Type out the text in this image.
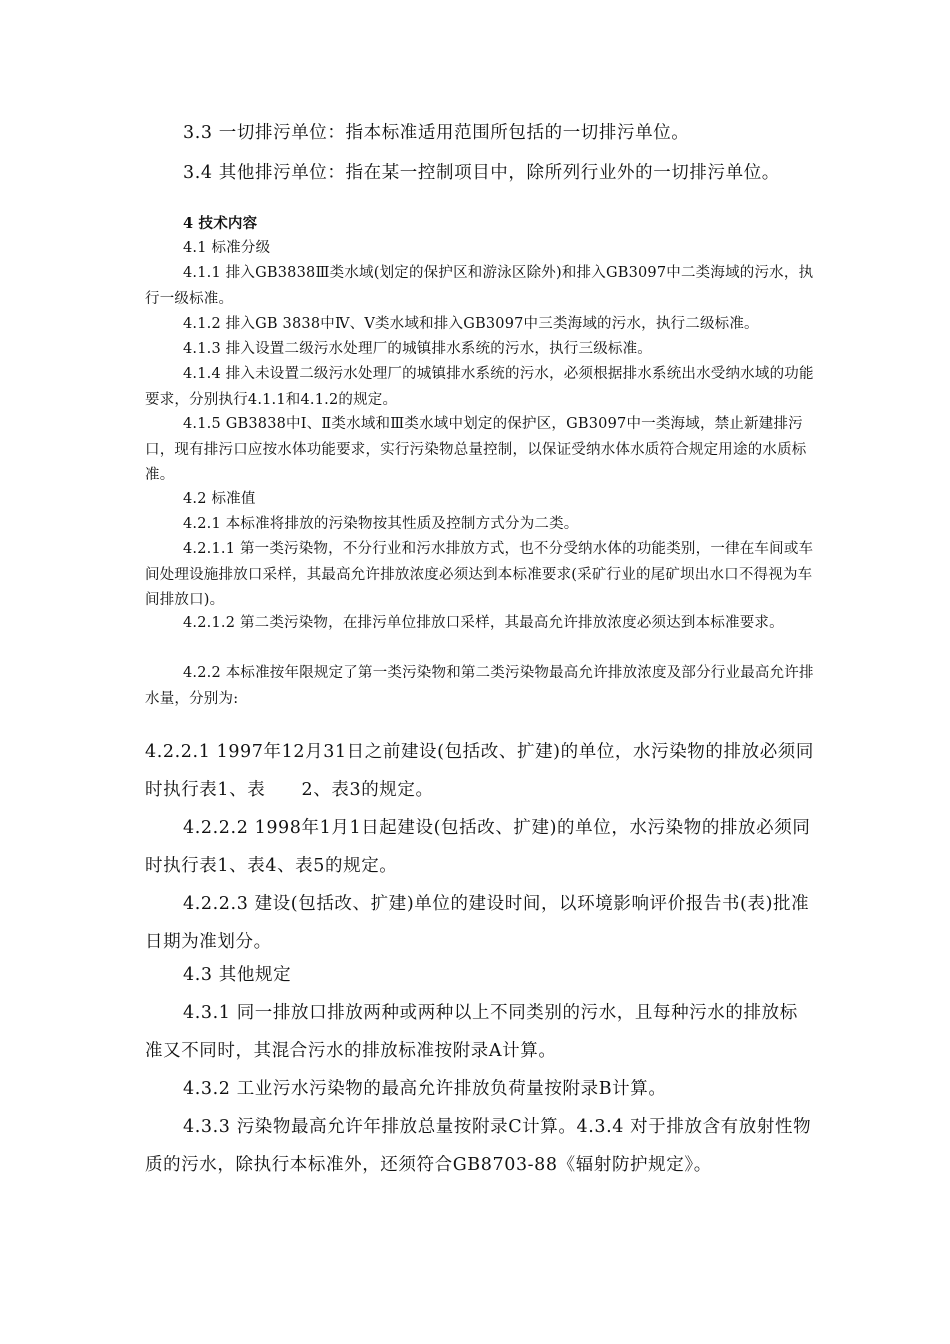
3.3 一切排污单位：指本标准适用范围所包括的一切排污单位。

3.4 其他排污单位：指在某一控制项目中，除所列行业外的一切排污单位。

4 技术内容

4.1 标准分级

4.1.1 排入GB3838Ⅲ类水域(划定的保护区和游泳区除外)和排入GB3097中二类海域的污水，执行一级标准。

4.1.2 排入GB 3838中Ⅳ、Ⅴ类水域和排入GB3097中三类海域的污水，执行二级标准。

4.1.3 排入设置二级污水处理厂的城镇排水系统的污水，执行三级标准。

4.1.4 排入未设置二级污水处理厂的城镇排水系统的污水，必须根据排水系统出水受纳水域的功能要求，分别执行4.1.1和4.1.2的规定。

4.1.5 GB3838中Ⅰ、Ⅱ类水域和Ⅲ类水域中划定的保护区，GB3097中一类海域，禁止新建排污口，现有排污口应按水体功能要求，实行污染物总量控制，以保证受纳水体水质符合规定用途的水质标准。

4.2 标准值

4.2.1 本标准将排放的污染物按其性质及控制方式分为二类。

4.2.1.1 第一类污染物，不分行业和污水排放方式，也不分受纳水体的功能类别，一律在车间或车间处理设施排放口采样，其最高允许排放浓度必须达到本标准要求(采矿行业的尾矿坝出水口不得视为车间排放口)。

4.2.1.2 第二类污染物，在排污单位排放口采样，其最高允许排放浓度必须达到本标准要求。

4.2.2 本标准按年限规定了第一类污染物和第二类污染物最高允许排放浓度及部分行业最高允许排水量，分别为:

4.2.2.1 1997年12月31日之前建设(包括改、扩建)的单位，水污染物的排放必须同时执行表1、表　　2、表3的规定。

4.2.2.2 1998年1月1日起建设(包括改、扩建)的单位，水污染物的排放必须同时执行表1、表4、表5的规定。

4.2.2.3 建设(包括改、扩建)单位的建设时间，以环境影响评价报告书(表)批准日期为准划分。

4.3 其他规定

4.3.1 同一排放口排放两种或两种以上不同类别的污水，且每种污水的排放标准又不同时，其混合污水的排放标准按附录A计算。

4.3.2 工业污水污染物的最高允许排放负荷量按附录B计算。

4.3.3 污染物最高允许年排放总量按附录C计算。4.3.4 对于排放含有放射性物质的污水，除执行本标准外，还须符合GB8703-88《辐射防护规定》。
